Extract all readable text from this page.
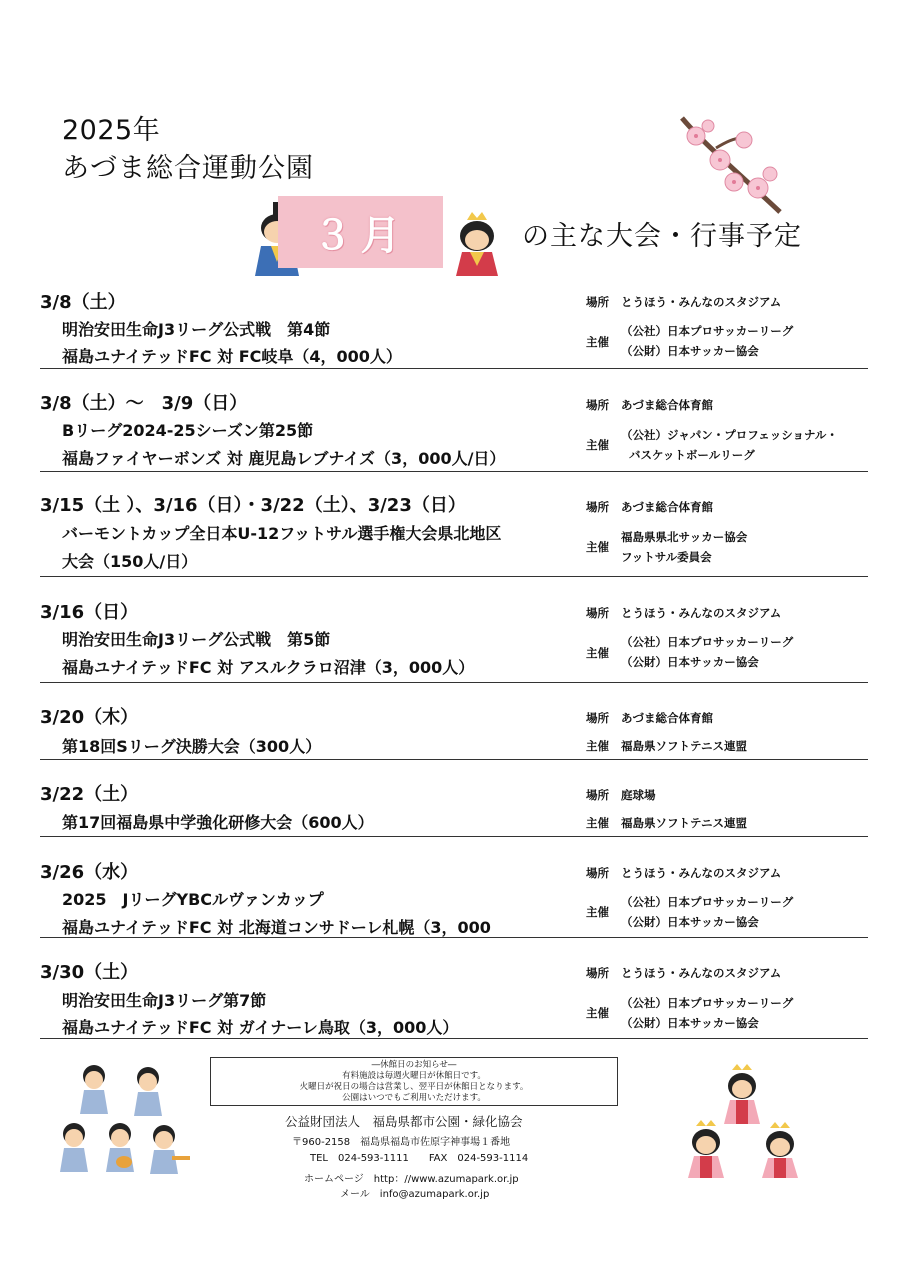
2025年
あづま総合運動公園
３月	の主な大会・行事予定
3/8（土）
明治安田生命J3リーグ公式戦　第4節
福島ユナイテッドFC 対 FC岐阜（4，000人）
場所 とうほう・みんなのスタジアム
主催
（公社）日本プロサッカーリーグ
（公財）日本サッカー協会
3/8（土）～　3/9（日）
Bリーグ2024-25シーズン第25節
福島ファイヤーボンズ 対 鹿児島レブナイズ（3，000人/日）
場所 あづま総合体育館
主催
（公社）ジャパン・プロフェッショナル・
バスケットボールリーグ
3/15（土 ）、3/16（日）・3/22（土）、3/23（日）
バーモントカップ全日本U-12フットサル選手権大会県北地区
大会（150人/日）
場所 あづま総合体育館
主催
福島県県北サッカー協会
フットサル委員会
3/16（日）
明治安田生命J3リーグ公式戦　第5節
福島ユナイテッドFC 対 アスルクラロ沼津（3，000人）
場所 とうほう・みんなのスタジアム
主催
（公社）日本プロサッカーリーグ
（公財）日本サッカー協会
3/20（木）
第18回Sリーグ決勝大会（300人）
場所 あづま総合体育館
主催 福島県ソフトテニス連盟
3/22（土）
第17回福島県中学強化研修大会（600人）
場所 庭球場
主催 福島県ソフトテニス連盟
3/26（水）
2025　JリーグYBCルヴァンカップ
福島ユナイテッドFC 対 北海道コンサドーレ札幌（3，000
場所 とうほう・みんなのスタジアム
主催
（公社）日本プロサッカーリーグ
（公財）日本サッカー協会
3/30（土）
明治安田生命J3リーグ第7節
福島ユナイテッドFC 対 ガイナーレ鳥取（3，000人）
場所 とうほう・みんなのスタジアム
主催
（公社）日本プロサッカーリーグ
（公財）日本サッカー協会
―休館日のお知らせ―
有料施設は毎週火曜日が休館日です。
火曜日が祝日の場合は営業し、翌平日が休館日となります。
公園はいつでもご利用いただけます。
公益財団法人　福島県都市公園・緑化協会
〒960-2158　福島県福島市佐原字神事場１番地
TEL　024-593-1111　　FAX　024-593-1114
ホームページ　http：//www.azumapark.or.jp
メール　info@azumapark.or.jp
